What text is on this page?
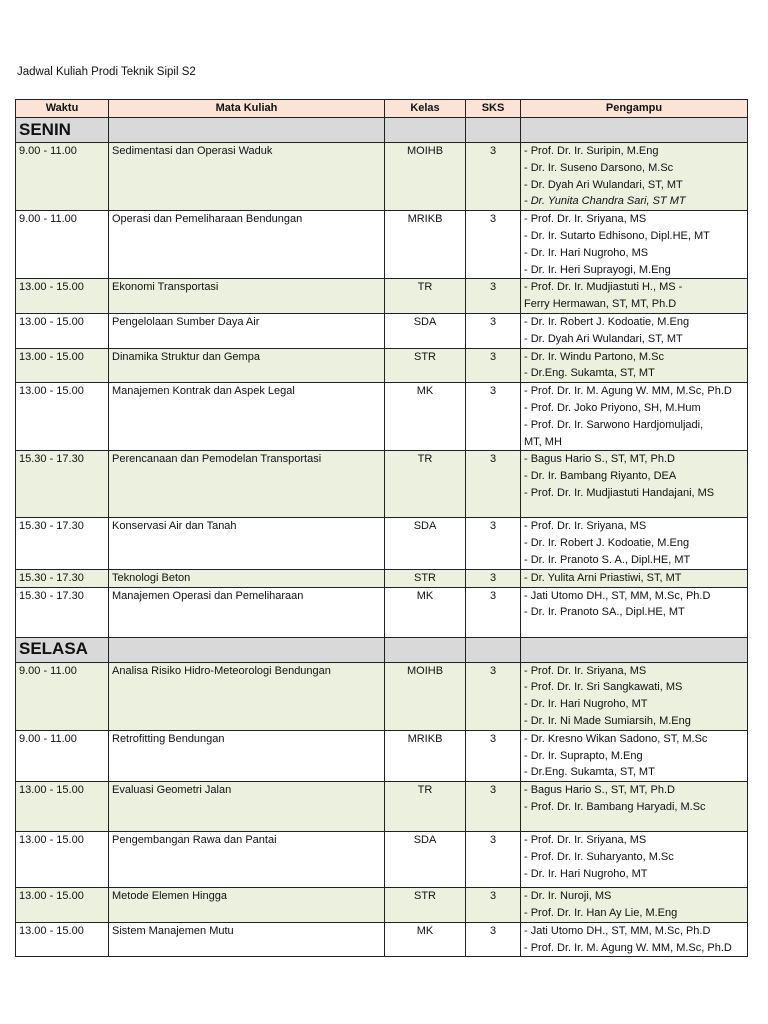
Jadwal Kuliah Prodi Teknik Sipil S2
Waktu	Mata Kuliah	Kelas	SKS	Pengampu
SENIN				
9.00 - 11.00	Sedimentasi dan Operasi Waduk	MOIHB	3	- Prof. Dr. Ir. Suripin, M.Eng
- Dr. Ir. Suseno Darsono, M.Sc
- Dr. Dyah Ari Wulandari, ST, MT
- Dr. Yunita Chandra Sari, ST MT

9.00 - 11.00	Operasi dan Pemeliharaan Bendungan	MRIKB	3	- Prof. Dr. Ir. Sriyana, MS
- Dr. Ir. Sutarto Edhisono, Dipl.HE, MT
- Dr. Ir. Hari Nugroho, MS
- Dr. Ir. Heri Suprayogi, M.Eng

13.00 - 15.00	Ekonomi Transportasi	TR	3	- Prof. Dr. Ir. Mudjiastuti H., MS -
Ferry Hermawan, ST, MT, Ph.D

13.00 - 15.00	Pengelolaan Sumber Daya Air	SDA	3	- Dr. Ir. Robert J. Kodoatie, M.Eng
- Dr. Dyah Ari Wulandari, ST, MT

13.00 - 15.00	Dinamika Struktur dan Gempa	STR	3	- Dr. Ir. Windu Partono, M.Sc
- Dr.Eng. Sukamta, ST, MT

13.00 - 15.00	Manajemen Kontrak dan Aspek Legal	MK	3	- Prof. Dr. Ir. M. Agung W. MM, M.Sc, Ph.D
- Prof. Dr. Joko Priyono, SH, M.Hum
- Prof. Dr. Ir. Sarwono Hardjomuljadi,
MT, MH

15.30 - 17.30	Perencanaan dan Pemodelan Transportasi	TR	3	- Bagus Hario S., ST, MT, Ph.D
- Dr. Ir. Bambang Riyanto, DEA
- Prof. Dr. Ir. Mudjiastuti Handajani, MS

15.30 - 17.30	Konservasi Air dan Tanah	SDA	3	- Prof. Dr. Ir. Sriyana, MS
- Dr. Ir. Robert J. Kodoatie, M.Eng
- Dr. Ir. Pranoto S. A., Dipl.HE, MT

15.30 - 17.30	Teknologi Beton	STR	3	- Dr. Yulita Arni Priastiwi, ST, MT

15.30 - 17.30	Manajemen Operasi dan Pemeliharaan	MK	3	- Jati Utomo DH., ST, MM, M.Sc, Ph.D
- Dr. Ir. Pranoto SA., Dipl.HE, MT

SELASA				
9.00 - 11.00	Analisa Risiko Hidro-Meteorologi Bendungan	MOIHB	3	- Prof. Dr. Ir. Sriyana, MS
- Prof. Dr. Ir. Sri Sangkawati, MS
- Dr. Ir. Hari Nugroho, MT
- Dr. Ir. Ni Made Sumiarsih, M.Eng

9.00 - 11.00	Retrofitting Bendungan	MRIKB	3	- Dr. Kresno Wikan Sadono, ST, M.Sc
- Dr. Ir. Suprapto, M.Eng
- Dr.Eng. Sukamta, ST, MT

13.00 - 15.00	Evaluasi Geometri Jalan	TR	3	- Bagus Hario S., ST, MT, Ph.D
- Prof. Dr. Ir. Bambang Haryadi, M.Sc

13.00 - 15.00	Pengembangan Rawa dan Pantai	SDA	3	- Prof. Dr. Ir. Sriyana, MS
- Prof. Dr. Ir. Suharyanto, M.Sc
- Dr. Ir. Hari Nugroho, MT

13.00 - 15.00	Metode Elemen Hingga	STR	3	- Dr. Ir. Nuroji, MS
- Prof. Dr. Ir. Han Ay Lie, M.Eng

13.00 - 15.00	Sistem Manajemen Mutu	MK	3	- Jati Utomo DH., ST, MM, M.Sc, Ph.D
- Prof. Dr. Ir. M. Agung W. MM, M.Sc, Ph.D
